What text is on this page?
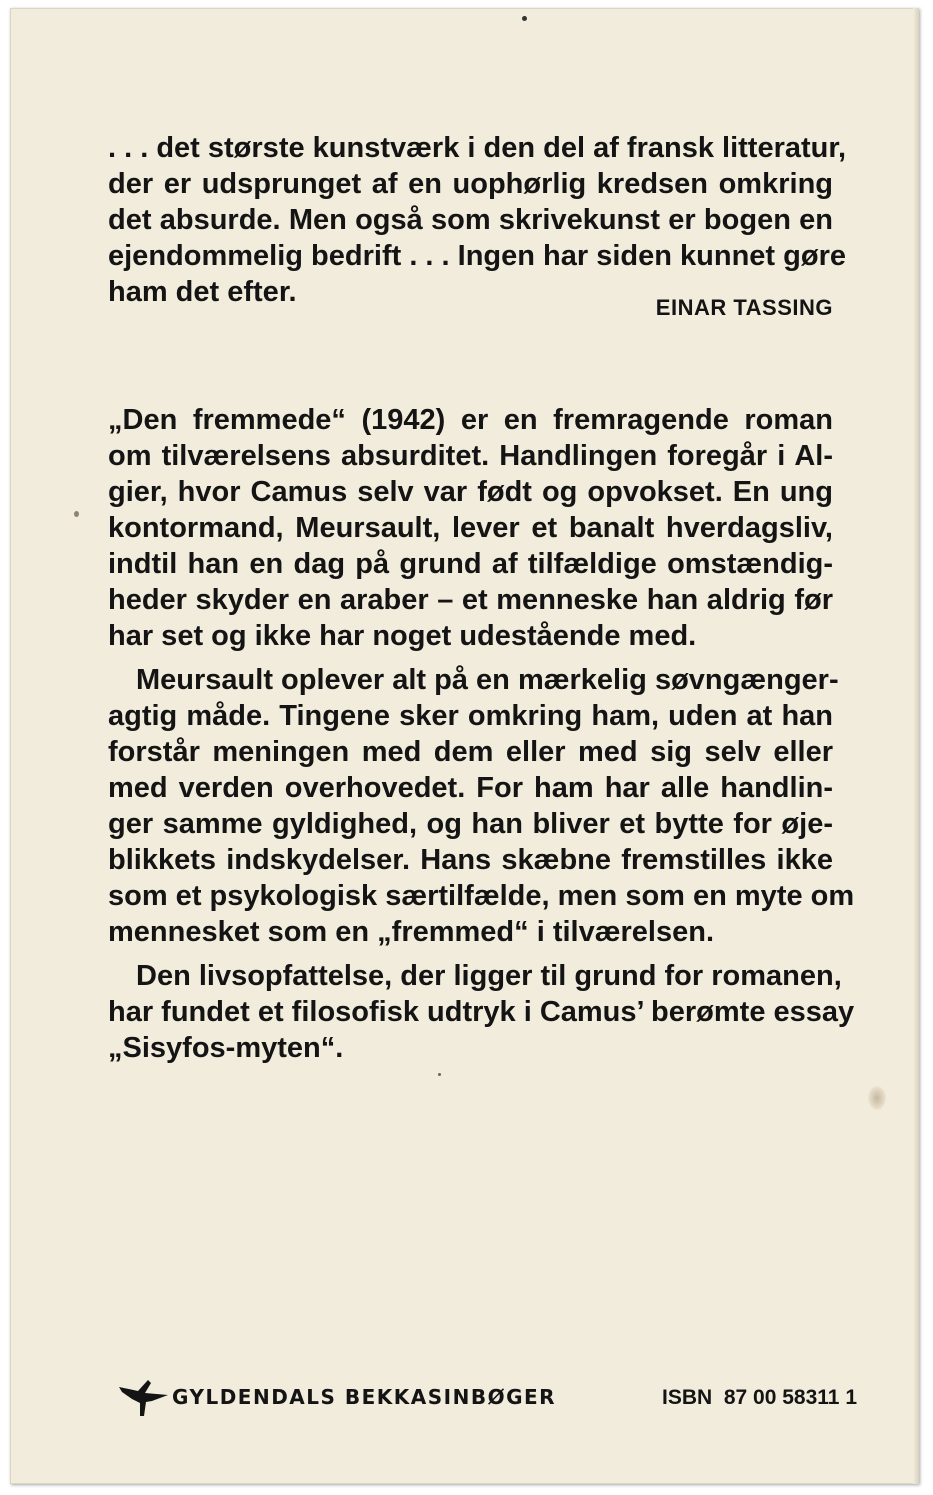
. . . det største kunstværk i den del af fransk litteratur,
der er udsprunget af en uophørlig kredsen omkring
det absurde. Men også som skrivekunst er bogen en
ejendommelig bedrift . . . Ingen har siden kunnet gøre
ham det efter.	EINAR TASSING
„Den fremmede“ (1942) er en fremragende roman
om tilværelsens absurditet. Handlingen foregår i Al-
gier, hvor Camus selv var født og opvokset. En ung
kontormand, Meursault, lever et banalt hverdagsliv,
indtil han en dag på grund af tilfældige omstændig-
heder skyder en araber – et menneske han aldrig før
har set og ikke har noget udestående med.
Meursault oplever alt på en mærkelig søvngænger-
agtig måde. Tingene sker omkring ham, uden at han
forstår meningen med dem eller med sig selv eller
med verden overhovedet. For ham har alle handlin-
ger samme gyldighed, og han bliver et bytte for øje-
blikkets indskydelser. Hans skæbne fremstilles ikke
som et psykologisk særtilfælde, men som en myte om
mennesket som en „fremmed“ i tilværelsen.
Den livsopfattelse, der ligger til grund for romanen,
har fundet et filosofisk udtryk i Camus’ berømte essay
„Sisyfos-myten“.
GYLDENDALS BEKKASINBØGER	ISBN  87 00 58311 1
